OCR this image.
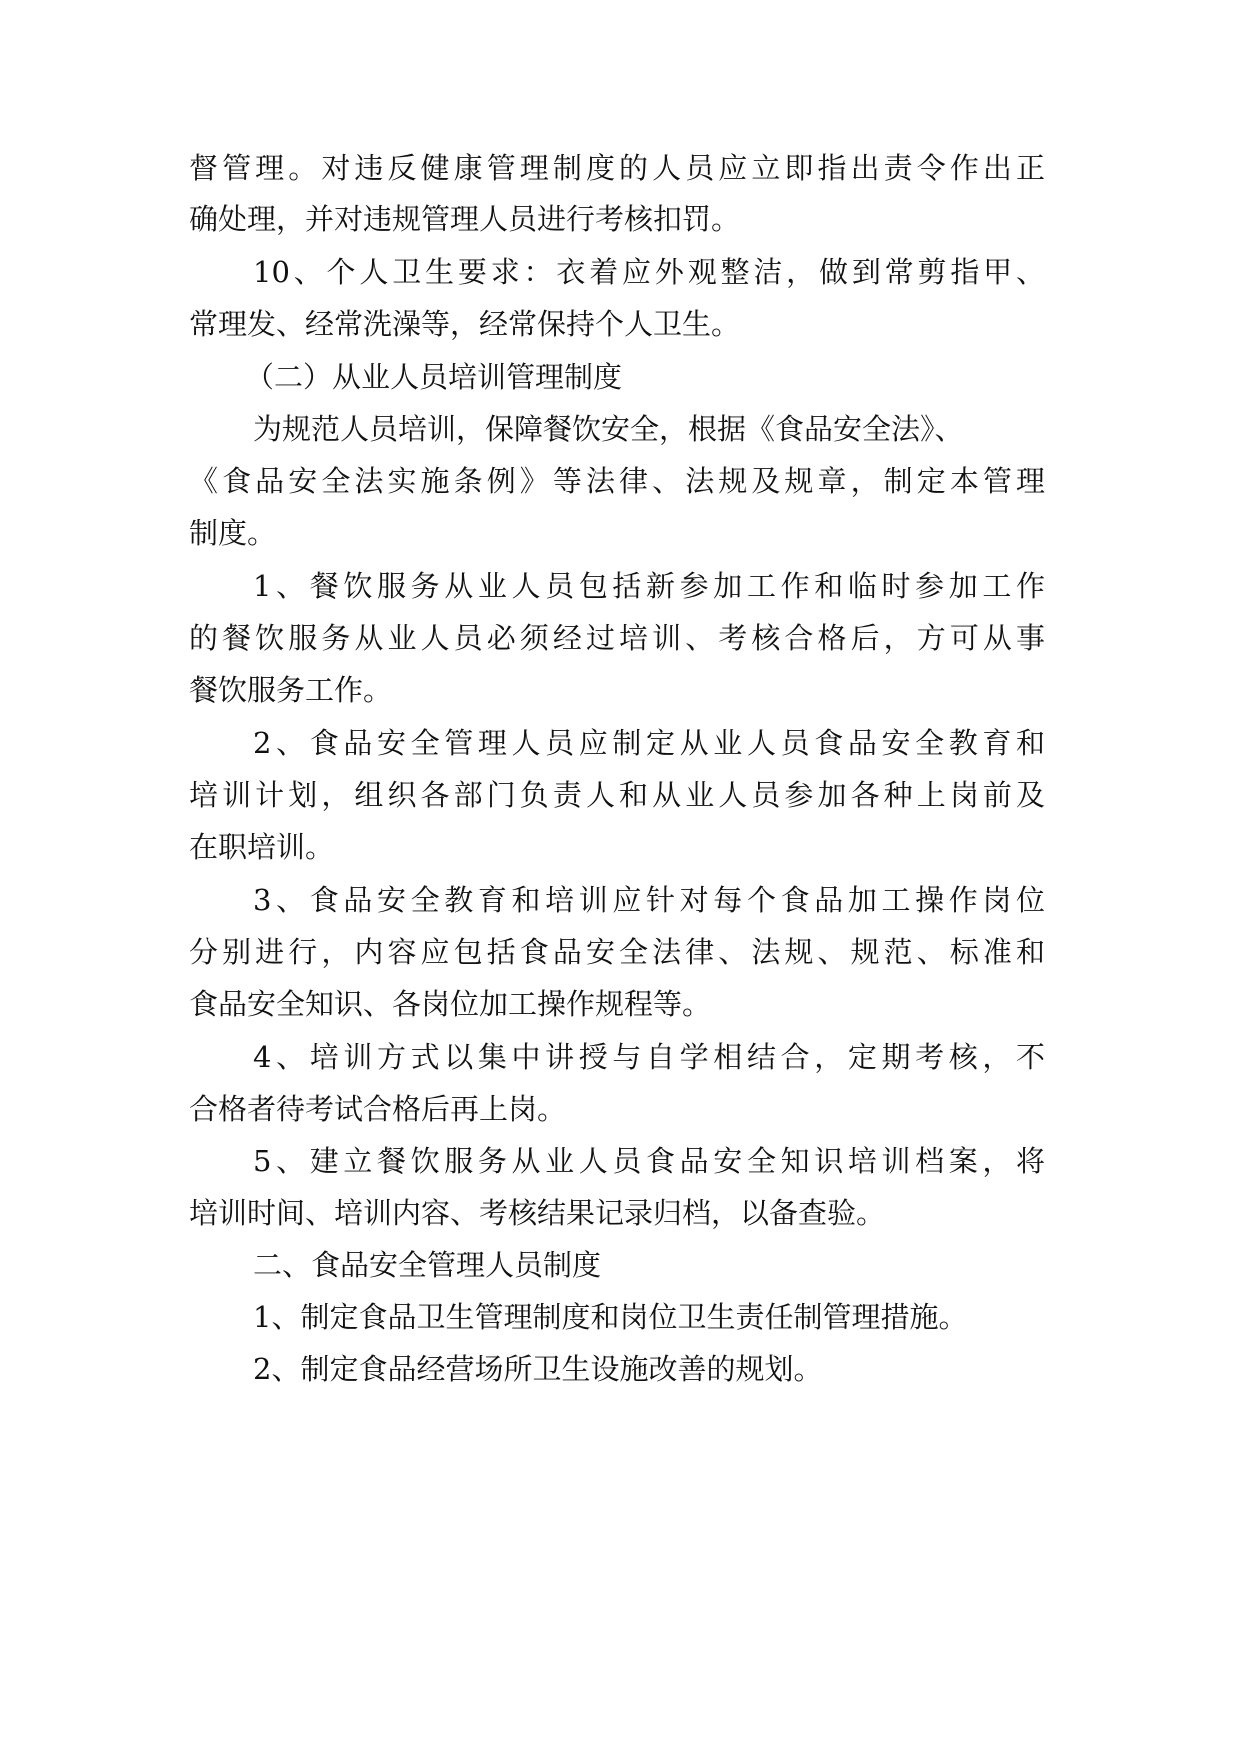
督管理。对违反健康管理制度的人员应立即指出责令作出正

确处理，并对违规管理人员进行考核扣罚。

10、个人卫生要求：衣着应外观整洁，做到常剪指甲、

常理发、经常洗澡等，经常保持个人卫生。

（二）从业人员培训管理制度

为规范人员培训，保障餐饮安全，根据《食品安全法》、

《食品安全法实施条例》等法律、法规及规章，制定本管理

制度。

1、餐饮服务从业人员包括新参加工作和临时参加工作

的餐饮服务从业人员必须经过培训、考核合格后，方可从事

餐饮服务工作。

2、食品安全管理人员应制定从业人员食品安全教育和

培训计划，组织各部门负责人和从业人员参加各种上岗前及

在职培训。

3、食品安全教育和培训应针对每个食品加工操作岗位

分别进行，内容应包括食品安全法律、法规、规范、标准和

食品安全知识、各岗位加工操作规程等。

4、培训方式以集中讲授与自学相结合，定期考核，不

合格者待考试合格后再上岗。

5、建立餐饮服务从业人员食品安全知识培训档案，将

培训时间、培训内容、考核结果记录归档，以备查验。

二、食品安全管理人员制度

1、制定食品卫生管理制度和岗位卫生责任制管理措施。

2、制定食品经营场所卫生设施改善的规划。
